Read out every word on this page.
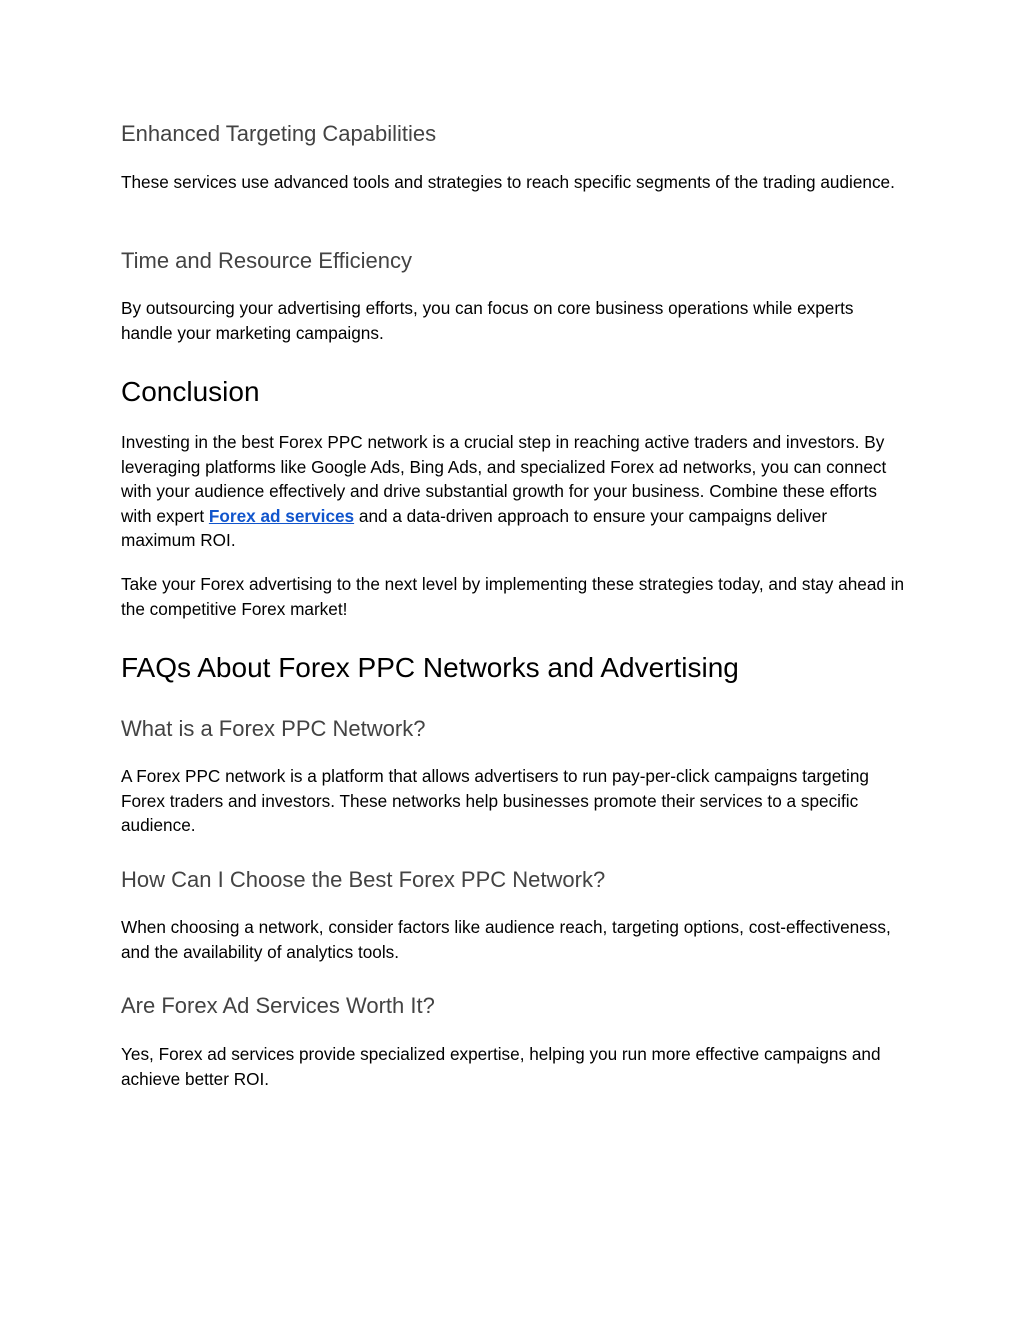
Enhanced Targeting Capabilities

These services use advanced tools and strategies to reach specific segments of the trading audience.

Time and Resource Efficiency

By outsourcing your advertising efforts, you can focus on core business operations while experts handle your marketing campaigns.

Conclusion

Investing in the best Forex PPC network is a crucial step in reaching active traders and investors. By leveraging platforms like Google Ads, Bing Ads, and specialized Forex ad networks, you can connect with your audience effectively and drive substantial growth for your business. Combine these efforts with expert Forex ad services and a data-driven approach to ensure your campaigns deliver maximum ROI.

Take your Forex advertising to the next level by implementing these strategies today, and stay ahead in the competitive Forex market!

FAQs About Forex PPC Networks and Advertising
What is a Forex PPC Network?

A Forex PPC network is a platform that allows advertisers to run pay-per-click campaigns targeting Forex traders and investors. These networks help businesses promote their services to a specific audience.

How Can I Choose the Best Forex PPC Network?

When choosing a network, consider factors like audience reach, targeting options, cost-effectiveness, and the availability of analytics tools.

Are Forex Ad Services Worth It?

Yes, Forex ad services provide specialized expertise, helping you run more effective campaigns and achieve better ROI.
